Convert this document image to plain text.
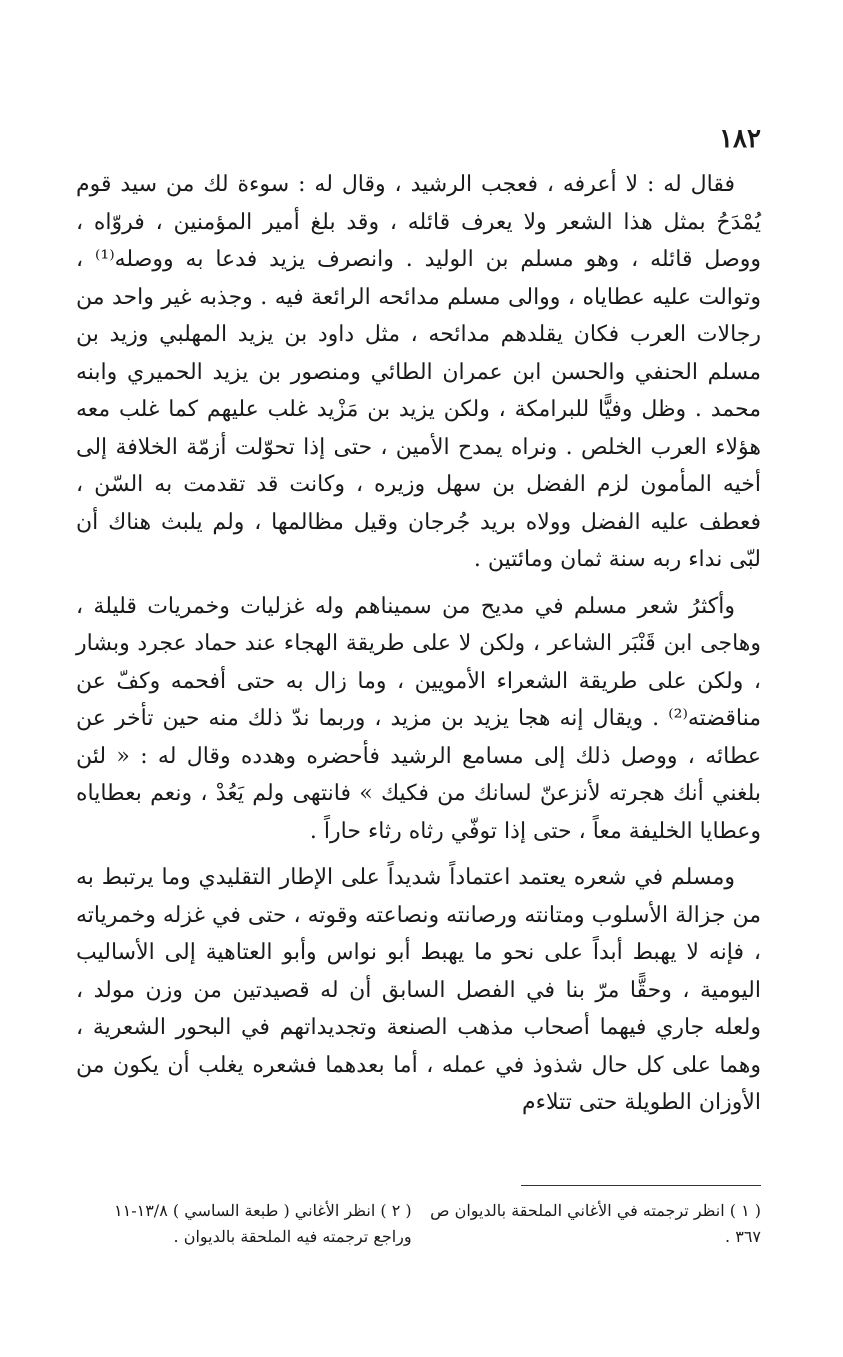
١٨٢

فقال له : لا أعرفه ، فعجب الرشيد ، وقال له : سوءة لك من سيد قوم يُمْدَحُ بمثل هذا الشعر ولا يعرف قائله ، وقد بلغ أمير المؤمنين ، فروّاه ، ووصل قائله ، وهو مسلم بن الوليد . وانصرف يزيد فدعا به ووصله⁽¹⁾ ، وتوالت عليه عطاياه ، ووالى مسلم مدائحه الرائعة فيه . وجذبه غير واحد من رجالات العرب فكان يقلدهم مدائحه ، مثل داود بن يزيد المهلبي وزيد بن مسلم الحنفي والحسن ابن عمران الطائي ومنصور بن يزيد الحميري وابنه محمد . وظل وفيًّا للبرامكة ، ولكن يزيد بن مَزْيد غلب عليهم كما غلب معه هؤلاء العرب الخلص . ونراه يمدح الأمين ، حتى إذا تحوّلت أزمّة الخلافة إلى أخيه المأمون لزم الفضل بن سهل وزيره ، وكانت قد تقدمت به السّن ، فعطف عليه الفضل وولاه بريد جُرجان وقيل مظالمها ، ولم يلبث هناك أن لبّى نداء ربه سنة ثمان ومائتين .

وأكثرُ شعر مسلم في مديح من سميناهم وله غزليات وخمريات قليلة ، وهاجى ابن قَنْبَر الشاعر ، ولكن لا على طريقة الهجاء عند حماد عجرد وبشار ، ولكن على طريقة الشعراء الأمويين ، وما زال به حتى أفحمه وكفّ عن مناقضته⁽²⁾ . ويقال إنه هجا يزيد بن مزيد ، وربما ندّ ذلك منه حين تأخر عن عطائه ، ووصل ذلك إلى مسامع الرشيد فأحضره وهدده وقال له : « لئن بلغني أنك هجرته لأنزعنّ لسانك من فكيك » فانتهى ولم يَعُدْ ، ونعم بعطاياه وعطايا الخليفة معاً ، حتى إذا توفّي رثاه رثاء حاراً .

ومسلم في شعره يعتمد اعتماداً شديداً على الإطار التقليدي وما يرتبط به من جزالة الأسلوب ومتانته ورصانته ونصاعته وقوته ، حتى في غزله وخمرياته ، فإنه لا يهبط أبداً على نحو ما يهبط أبو نواس وأبو العتاهية إلى الأساليب اليومية ، وحقًّا مرّ بنا في الفصل السابق أن له قصيدتين من وزن مولد ، ولعله جاري فيهما أصحاب مذهب الصنعة وتجديداتهم في البحور الشعرية ، وهما على كل حال شذوذ في عمله ، أما بعدهما فشعره يغلب أن يكون من الأوزان الطويلة حتى تتلاءم

( ١ ) انظر ترجمته في الأغاني الملحقة بالديوان ص ٣٦٧ .

( ٢ ) انظر الأغاني ( طبعة الساسي ) ١٣/٨-١١ وراجع ترجمته فيه الملحقة بالديوان .
